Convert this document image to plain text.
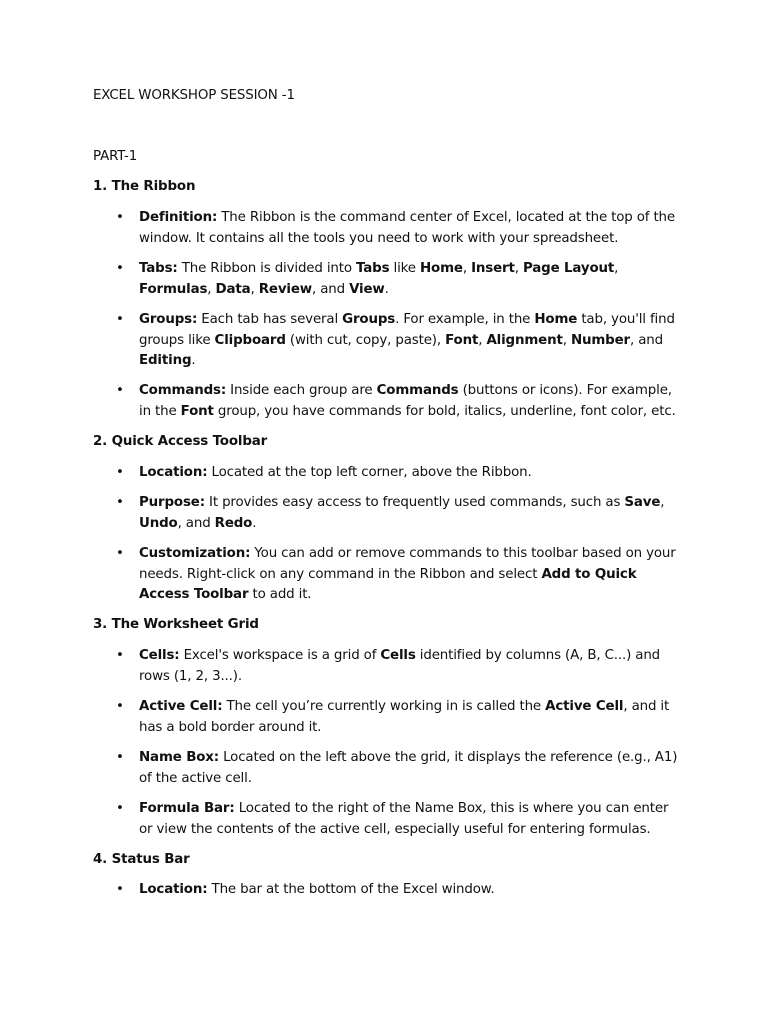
EXCEL WORKSHOP SESSION -1
PART-1
1. The Ribbon
• Definition: The Ribbon is the command center of Excel, located at the top of the window. It contains all the tools you need to work with your spreadsheet.
• Tabs: The Ribbon is divided into Tabs like Home, Insert, Page Layout, Formulas, Data, Review, and View.
• Groups: Each tab has several Groups. For example, in the Home tab, you'll find groups like Clipboard (with cut, copy, paste), Font, Alignment, Number, and Editing.
• Commands: Inside each group are Commands (buttons or icons). For example, in the Font group, you have commands for bold, italics, underline, font color, etc.
2. Quick Access Toolbar
• Location: Located at the top left corner, above the Ribbon.
• Purpose: It provides easy access to frequently used commands, such as Save, Undo, and Redo.
• Customization: You can add or remove commands to this toolbar based on your needs. Right-click on any command in the Ribbon and select Add to Quick Access Toolbar to add it.
3. The Worksheet Grid
• Cells: Excel's workspace is a grid of Cells identified by columns (A, B, C...) and rows (1, 2, 3...).
• Active Cell: The cell you’re currently working in is called the Active Cell, and it has a bold border around it.
• Name Box: Located on the left above the grid, it displays the reference (e.g., A1) of the active cell.
• Formula Bar: Located to the right of the Name Box, this is where you can enter or view the contents of the active cell, especially useful for entering formulas.
4. Status Bar
• Location: The bar at the bottom of the Excel window.
